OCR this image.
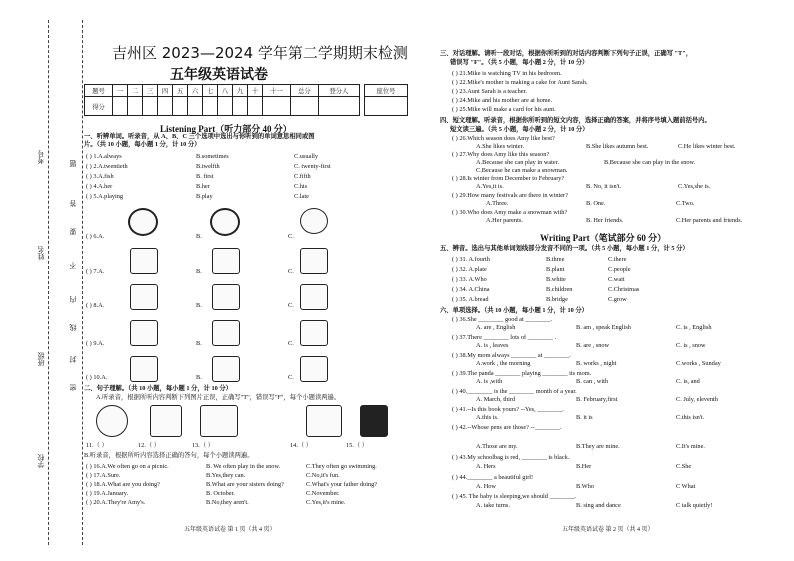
考号	题
答
要
不
内
线
封
密
班级
姓名
学校
吉州区 2023—2024 学年第二学期期末检测
五年级英语试卷
题号	一	二	三	四	五	六	七	八	九	十	十一	总分	登分人
得分													
座位号

Listening Part（听力部分 40 分）
一、听辨单词。听录音，从 A、B、C 三个选项中选出与你听到的单词意思相同或图
片。（共 10 小题，每小题 1 分，计 10 分）
( ) 1.A.always	B.sometimes	C.usually
( ) 2.A.twentieth	B.twelfth	C. twenty-first
( ) 3.A.fish	B. first	C.fifth
( ) 4.A.her	B.her	C.his
( ) 5.A.playing	B.play	C.late
( ) 6.A.	B.	C.
( ) 7.A.	B.	C.
( ) 8.A.	B.	C.
( ) 9.A.	B.	C.
( ) 10.A.	B.	C.
二、句子理解。（共 10 小题，每小题 1 分，计 10 分）
A.听录音，根据所听内容判断下列图片正误，正确写"T"，错误写"F"，每个小题读两遍。
11.（ ）	12.（ ）	13.（ ）	14.（ ）	15.（ ）
B.听录音，根据所听内容选择正确的答句，每个小题读两遍。
( ) 16.A.We often go on a picnic.	B. We often play in the snow.	C.They often go swimming.
( ) 17.A.Sure.	B.Yes,they can.	C.No,it's fun.
( ) 18.A.What are you doing?	B.What are your sisters doing?	C.What's your father doing?
( ) 19.A.January.	B. October.	C.November.
( ) 20.A.They're Amy's.	B.No,they aren't.	C.Yes,it's mine.
五年级英语试卷 第 1 页（共 4 页）
三、对话理解。请听一段对话，根据你所听到的对话内容判断下列句子正误，正确写 "T"，
错误写 "F"。（共 5 小题，每小题 2 分，计 10 分）
( ) 21.Mike is watching TV in his bedroom.
( ) 22.Mike's mother is making a cake for Aunt Sarah.
( ) 23.Aunt Sarah is a teacher.
( ) 24.Mike and his mother are at home.
( ) 25.Mike will make a card for his aunt.
四、短文理解。听录音，根据你所听到的短文内容，选择正确的答案，并将序号填入题前括号内。
短文读三遍。（共 5 小题，每小题 2 分，计 10 分）
( ) 26.Which season does Amy like best?
A.She likes winter.	B.She likes autumn best.	C.He likes winter best.
( ) 27.Why does Amy like this season?
A.Because she can play in water.	B.Because she can play in the snow.
C.Because he can make a snowman.
( ) 28.Is winter from December to February?
A.Yes,it is.	B. No, it isn't.	C.Yes,she is.
( ) 29.How many festivals are there in winter?
A.Three.	B. One.	C.Two.
( ) 30.Who does Amy make a snowman with?
A.Her parents.	B. Her friends.	C.Her parents and friends.
Writing Part（笔试部分 60 分）
五、辨音。选出与其他单词划线部分发音不同的一项。（共 5 小题，每小题 1 分，计 5 分）
( ) 31. A.fourth	B.three	C.there
( ) 32. A.plate	B.plant	C.people
( ) 33. A.Who	B.white	C.wait
( ) 34. A.China	B.children	C.Christmas
( ) 35. A.bread	B.bridge	C.grow
六、单项选择。（共 10 小题，每小题 1 分，计 10 分）
( ) 36.She ________ good at ________.
A. are , English	B. am , speak English	C. is , English
( ) 37.There ________ lots of ________ .
A. is , leaves	B. are , snow	C. is , snow
( ) 38.My mom always ________ at ________.
A.work , the morning	B. works , night	C.works , Sunday
( ) 39.The panda ________ playing ________ its mom.
A. is ,with	B. can , with	C. is, and
( ) 40.________ is the ________ month of a year.
A. March, third	B. February,first	C. July, eleventh
( ) 41.--Is this book yours? --Yes, ________.
A.this is.	B. it is	C.this isn't.
( ) 42.--Whose pens are those? --________.
A.Those are my.	B.They are mine.	C.It's mine.
( ) 43.My schoolbag is red, ________ is black.
A. Hers	B.Her	C.She
( ) 44.________ a beautiful girl!
A. How	B.Who	C What
( ) 45. The baby is sleeping,we should ________.
A. take turns.	B. sing and dance	C talk quietly!
五年级英语试卷 第 2 页（共 4 页）
